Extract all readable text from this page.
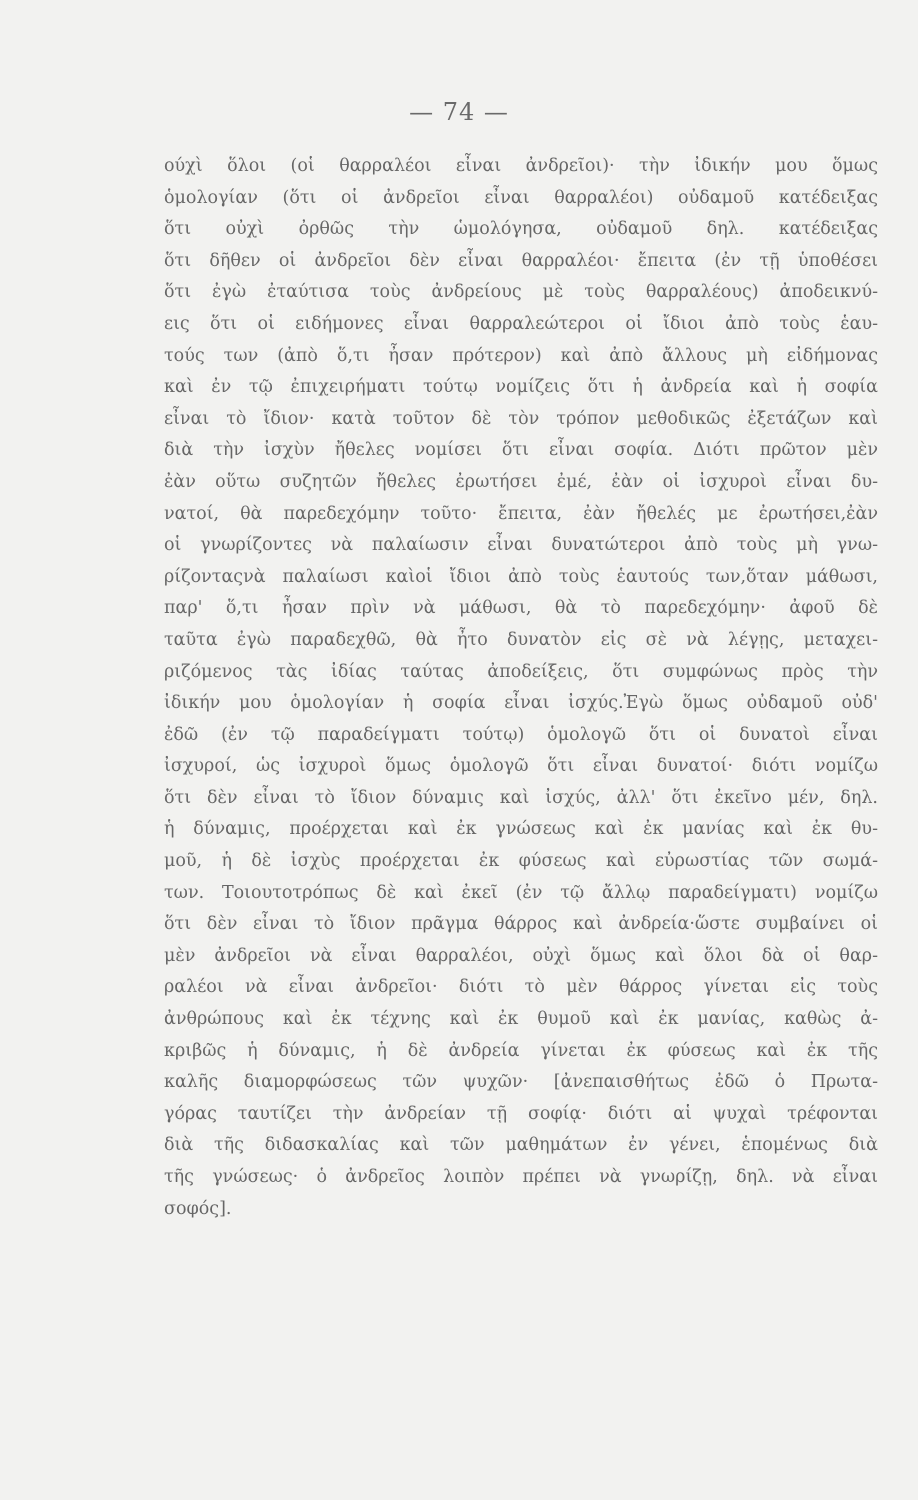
— 74 —
ούχὶ ὅλοι (οἱ θαρραλέοι εἶναι ἀνδρεῖοι)· τὴν ἰδικήν μου ὅμως
ὁμολογίαν (ὅτι οἱ ἀνδρεῖοι εἶναι θαρραλέοι) οὐδαμοῦ κατέδειξας
ὅτι οὐχὶ ὀρθῶς τὴν ὡμολόγησα, οὐδαμοῦ δηλ. κατέδειξας
ὅτι δῆθεν οἱ ἀνδρεῖοι δὲν εἶναι θαρραλέοι· ἔπειτα (ἐν τῇ ὑποθέσει
ὅτι ἐγὼ ἐταύτισα τοὺς ἀνδρείους μὲ τοὺς θαρραλέους) ἀποδεικνύ-
εις ὅτι οἱ ειδήμονες εἶναι θαρραλεώτεροι οἱ ἴδιοι ἀπὸ τοὺς ἑαυ-
τούς των (ἀπὸ ὅ,τι ἦσαν πρότερον) καὶ ἀπὸ ἄλλους μὴ εἰδήμονας
καὶ ἐν τῷ ἐπιχειρήματι τούτῳ νομίζεις ὅτι ἡ ἀνδρεία καὶ ἡ σοφία
εἶναι τὸ ἴδιον· κατὰ τοῦτον δὲ τὸν τρόπον μεθοδικῶς ἐξετάζων καὶ
διὰ τὴν ἰσχὺν ἤθελες νομίσει ὅτι εἶναι σοφία. Διότι πρῶτον μὲν
ἐὰν οὕτω συζητῶν ἤθελες ἐρωτήσει ἐμέ, ἐὰν οἱ ἰσχυροὶ εἶναι δυ-
νατοί, θὰ παρεδεχόμην τοῦτο· ἔπειτα, ἐὰν ἤθελές με ἐρωτήσει,ἐὰν
οἱ γνωρίζοντες νὰ παλαίωσιν εἶναι δυνατώτεροι ἀπὸ τοὺς μὴ γνω-
ρίζονταςνὰ παλαίωσι καὶοἱ ἴδιοι ἀπὸ τοὺς ἑαυτούς των,ὅταν μάθωσι,
παρ' ὅ,τι ἦσαν πρὶν νὰ μάθωσι, θὰ τὸ παρεδεχόμην· ἀφοῦ δὲ
ταῦτα ἐγὼ παραδεχθῶ, θὰ ἦτο δυνατὸν εἰς σὲ νὰ λέγῃς, μεταχει-
ριζόμενος τὰς ἰδίας ταύτας ἀποδείξεις, ὅτι συμφώνως πρὸς τὴν
ἰδικήν μου ὁμολογίαν ἡ σοφία εἶναι ἰσχύς.Ἐγὼ ὅμως οὐδαμοῦ οὐδ'
ἐδῶ (ἐν τῷ παραδείγματι τούτῳ) ὁμολογῶ ὅτι οἱ δυνατοὶ εἶναι
ἰσχυροί, ὡς ἰσχυροὶ ὅμως ὁμολογῶ ὅτι εἶναι δυνατοί· διότι νομίζω
ὅτι δὲν εἶναι τὸ ἴδιον δύναμις καὶ ἰσχύς, ἀλλ' ὅτι ἐκεῖνο μέν, δηλ.
ἡ δύναμις, προέρχεται καὶ ἐκ γνώσεως καὶ ἐκ μανίας καὶ ἐκ θυ-
μοῦ, ἡ δὲ ἰσχὺς προέρχεται ἐκ φύσεως καὶ εὐρωστίας τῶν σωμά-
των. Τοιουτοτρόπως δὲ καὶ ἐκεῖ (ἐν τῷ ἄλλῳ παραδείγματι) νομίζω
ὅτι δὲν εἶναι τὸ ἴδιον πρᾶγμα θάρρος καὶ ἀνδρεία·ὥστε συμβαίνει οἱ
μὲν ἀνδρεῖοι νὰ εἶναι θαρραλέοι, οὐχὶ ὅμως καὶ ὅλοι δὰ οἱ θαρ-
ραλέοι νὰ εἶναι ἀνδρεῖοι· διότι τὸ μὲν θάρρος γίνεται εἰς τοὺς
ἀνθρώπους καὶ ἐκ τέχνης καὶ ἐκ θυμοῦ καὶ ἐκ μανίας, καθὼς ἀ-
κριβῶς ἡ δύναμις, ἡ δὲ ἀνδρεία γίνεται ἐκ φύσεως καὶ ἐκ τῆς
καλῆς διαμορφώσεως τῶν ψυχῶν· [ἀνεπαισθήτως ἐδῶ ὁ Πρωτα-
γόρας ταυτίζει τὴν ἀνδρείαν τῇ σοφίᾳ· διότι αἱ ψυχαὶ τρέφονται
διὰ τῆς διδασκαλίας καὶ τῶν μαθημάτων ἐν γένει, ἑπομένως διὰ
τῆς γνώσεως· ὁ ἀνδρεῖος λοιπὸν πρέπει νὰ γνωρίζῃ, δηλ. νὰ εἶναι
σοφός].
